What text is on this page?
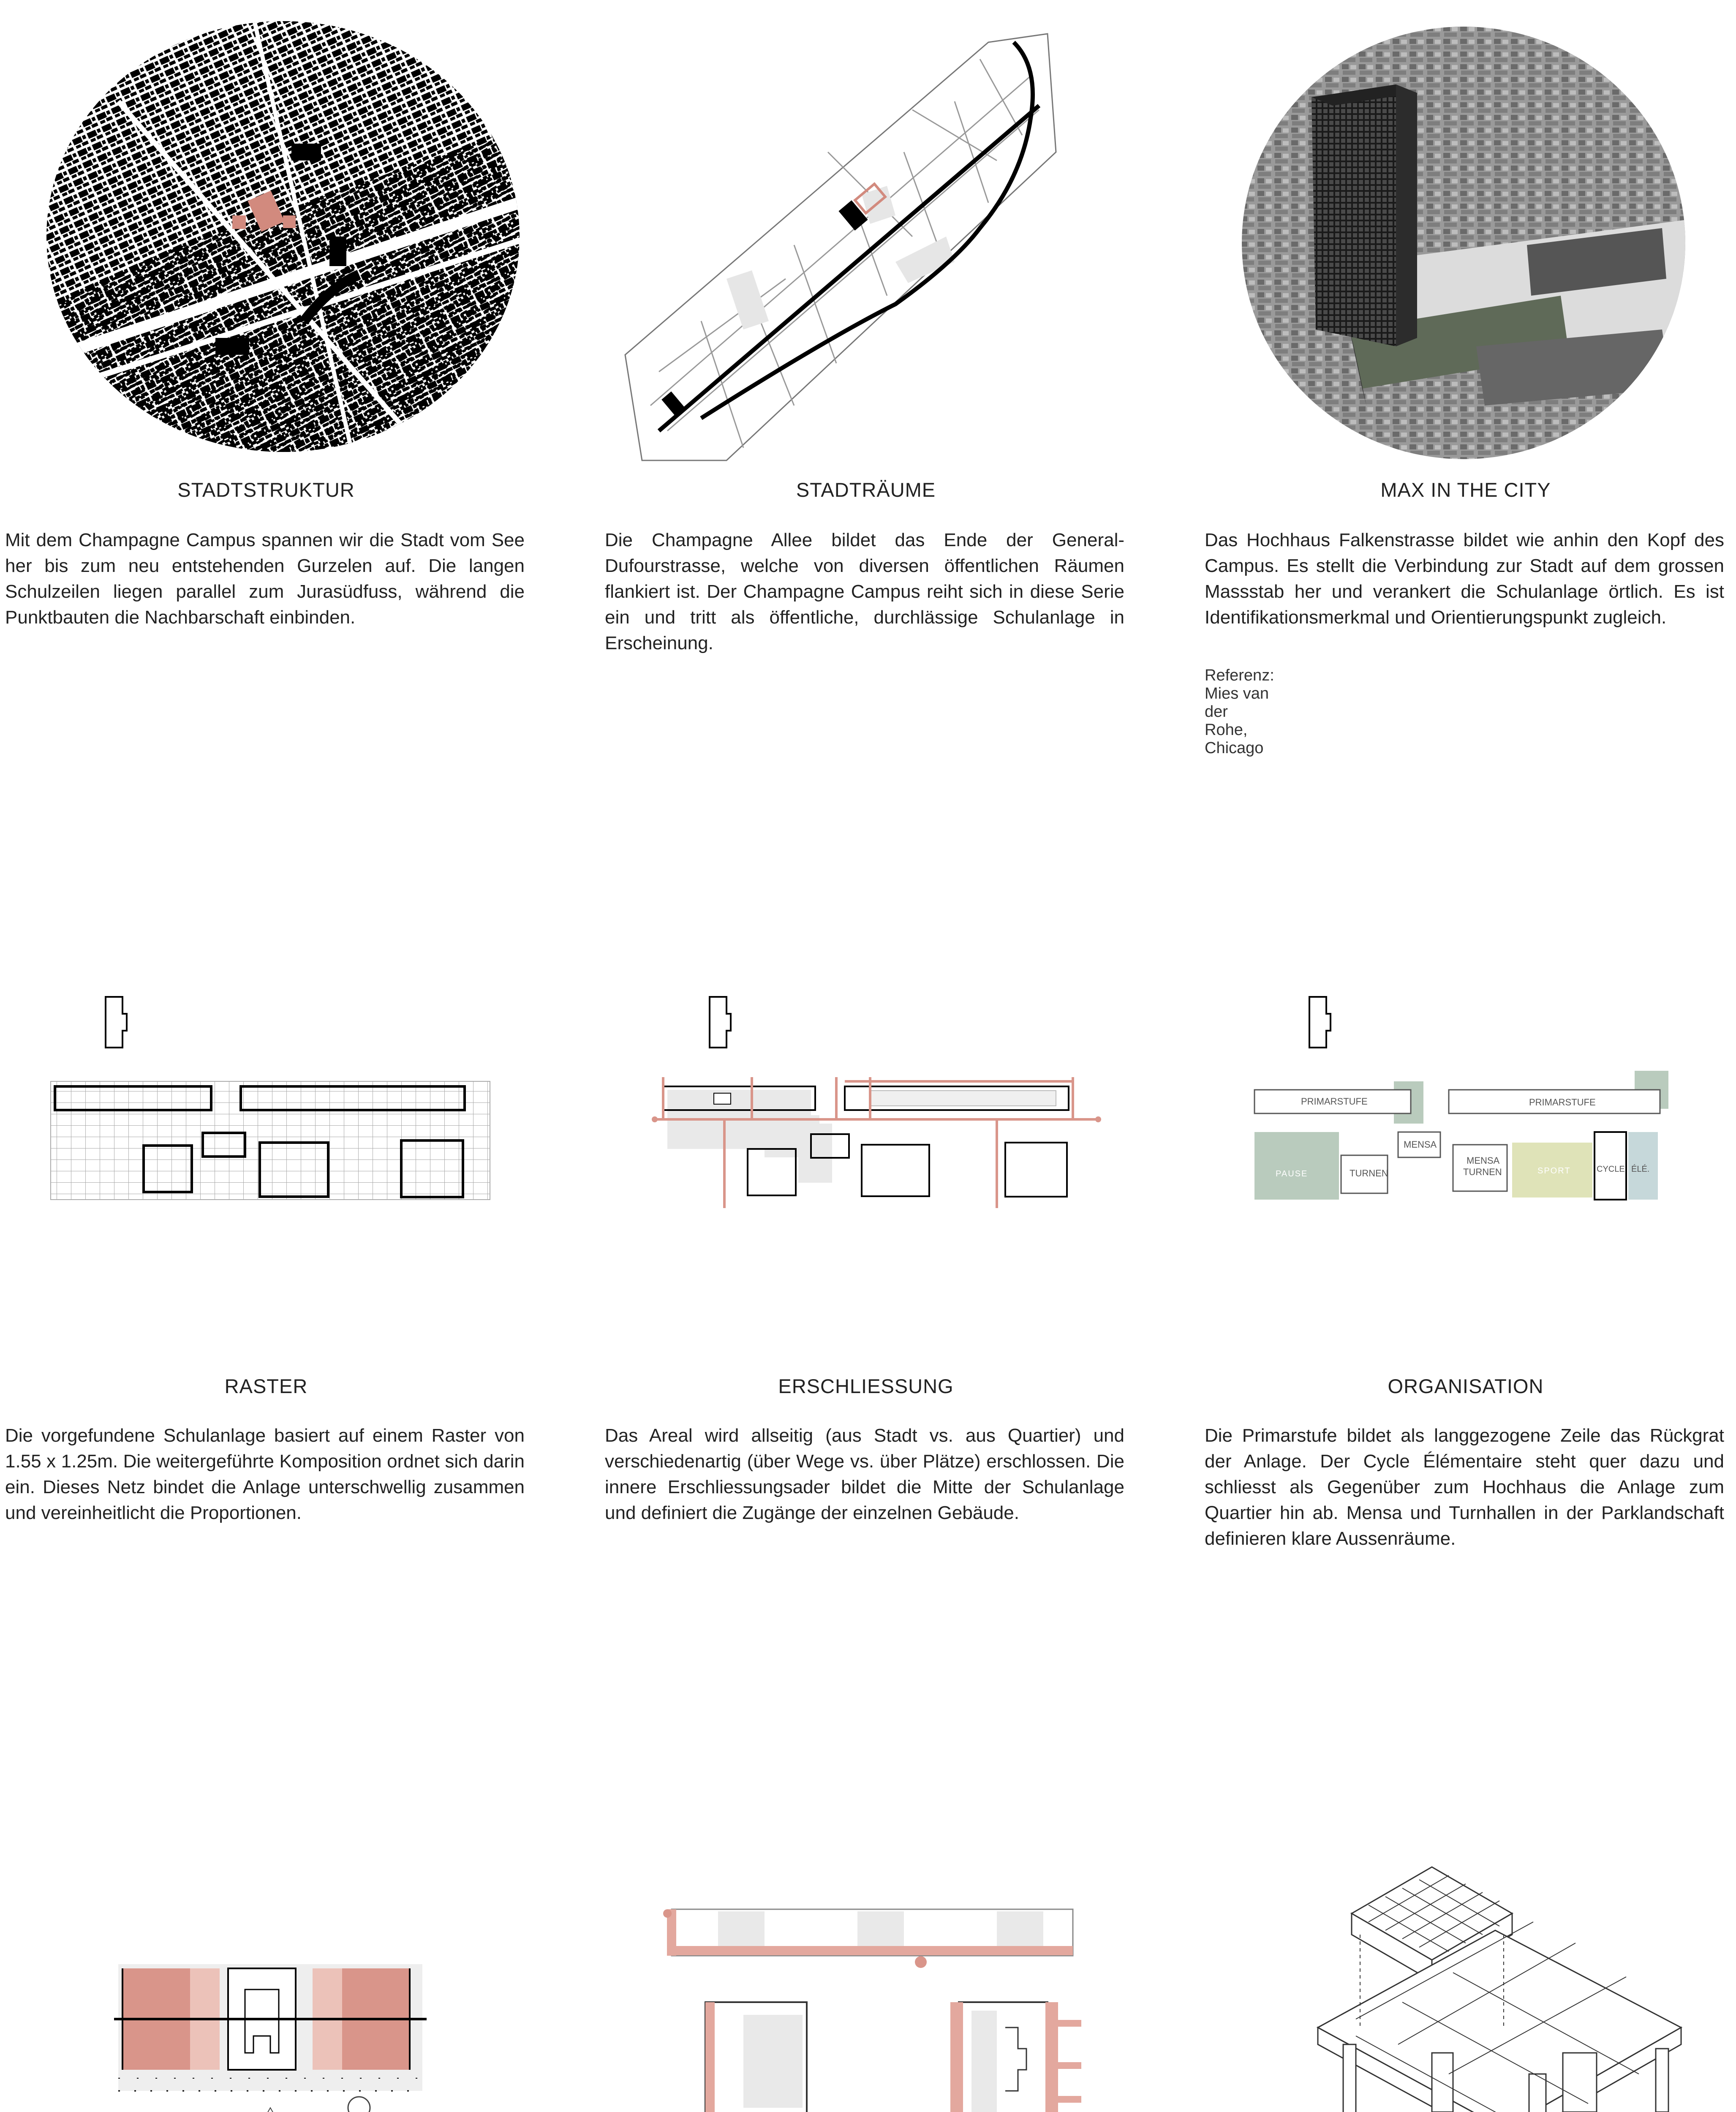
STADTSTRUKTUR
Mit dem Champagne Campus spannen wir die Stadt vom See her bis zum neu entstehenden Gurzelen auf. Die langen Schulzeilen liegen parallel zum Jurasüdfuss, während die Punktbauten die Nachbarschaft einbinden.
STADTRÄUME
Die Champagne Allee bildet das Ende der General-Dufourstrasse, welche von diversen öffentlichen Räumen flankiert ist. Der Champagne Campus reiht sich in diese Serie ein und tritt als öffentliche, durchlässige Schulanlage in Erscheinung.
MAX IN THE CITY
Das Hochhaus Falkenstrasse bildet wie anhin den Kopf des Campus. Es stellt die Verbindung zur Stadt auf dem grossen Massstab her und verankert die Schulanlage örtlich. Es ist Identifikationsmerkmal und Orientierungspunkt zugleich.
Referenz: Mies van der Rohe, Chicago
RASTER
Die vorgefundene Schulanlage basiert auf einem Raster von 1.55 x 1.25m. Die weitergeführte Komposition ordnet sich darin ein. Dieses Netz bindet die Anlage unterschwellig zusammen und vereinheitlicht die Proportionen.
ERSCHLIESSUNG
Das Areal wird allseitig (aus Stadt vs. aus Quartier) und verschiedenartig (über Wege vs. über Plätze) erschlossen. Die innere Erschliessungsader bildet die Mitte der Schulanlage und definiert die Zugänge der einzelnen Gebäude.
PRIMARSTUFE	PRIMARSTUFE
PAUSE	TURNEN
MENSA
MENSA
TURNEN	SPORT	CYCLE ÉLÉ.
ORGANISATION
Die Primarstufe bildet als langgezogene Zeile das Rückgrat der Anlage. Der Cycle Élémentaire steht quer dazu und schliesst als Gegenüber zum Hochhaus die Anlage zum Quartier hin ab. Mensa und Turnhallen in der Parklandschaft definieren klare Aussenräume.
